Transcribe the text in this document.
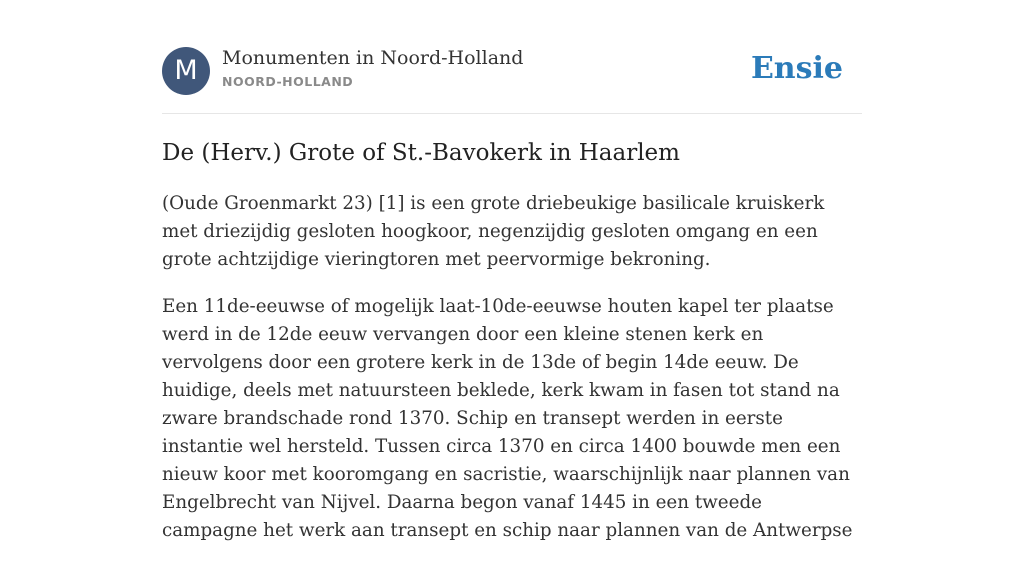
M	Monumenten in Noord-Holland
NOORD-HOLLAND	Ensie
De (Herv.) Grote of St.-Bavokerk in Haarlem

(Oude Groenmarkt 23) [1] is een grote driebeukige basilicale kruiskerk met driezijdig gesloten hoogkoor, negenzijdig gesloten omgang en een grote achtzijdige vieringtoren met peervormige bekroning.

Een 11de-eeuwse of mogelijk laat-10de-eeuwse houten kapel ter plaatse werd in de 12de eeuw vervangen door een kleine stenen kerk en vervolgens door een grotere kerk in de 13de of begin 14de eeuw. De huidige, deels met natuursteen beklede, kerk kwam in fasen tot stand na zware brandschade rond 1370. Schip en transept werden in eerste instantie wel hersteld. Tussen circa 1370 en circa 1400 bouwde men een nieuw koor met kooromgang en sacristie, waarschijnlijk naar plannen van Engelbrecht van Nijvel. Daarna begon vanaf 1445 in een tweede campagne het werk aan transept en schip naar plannen van de Antwerpse
